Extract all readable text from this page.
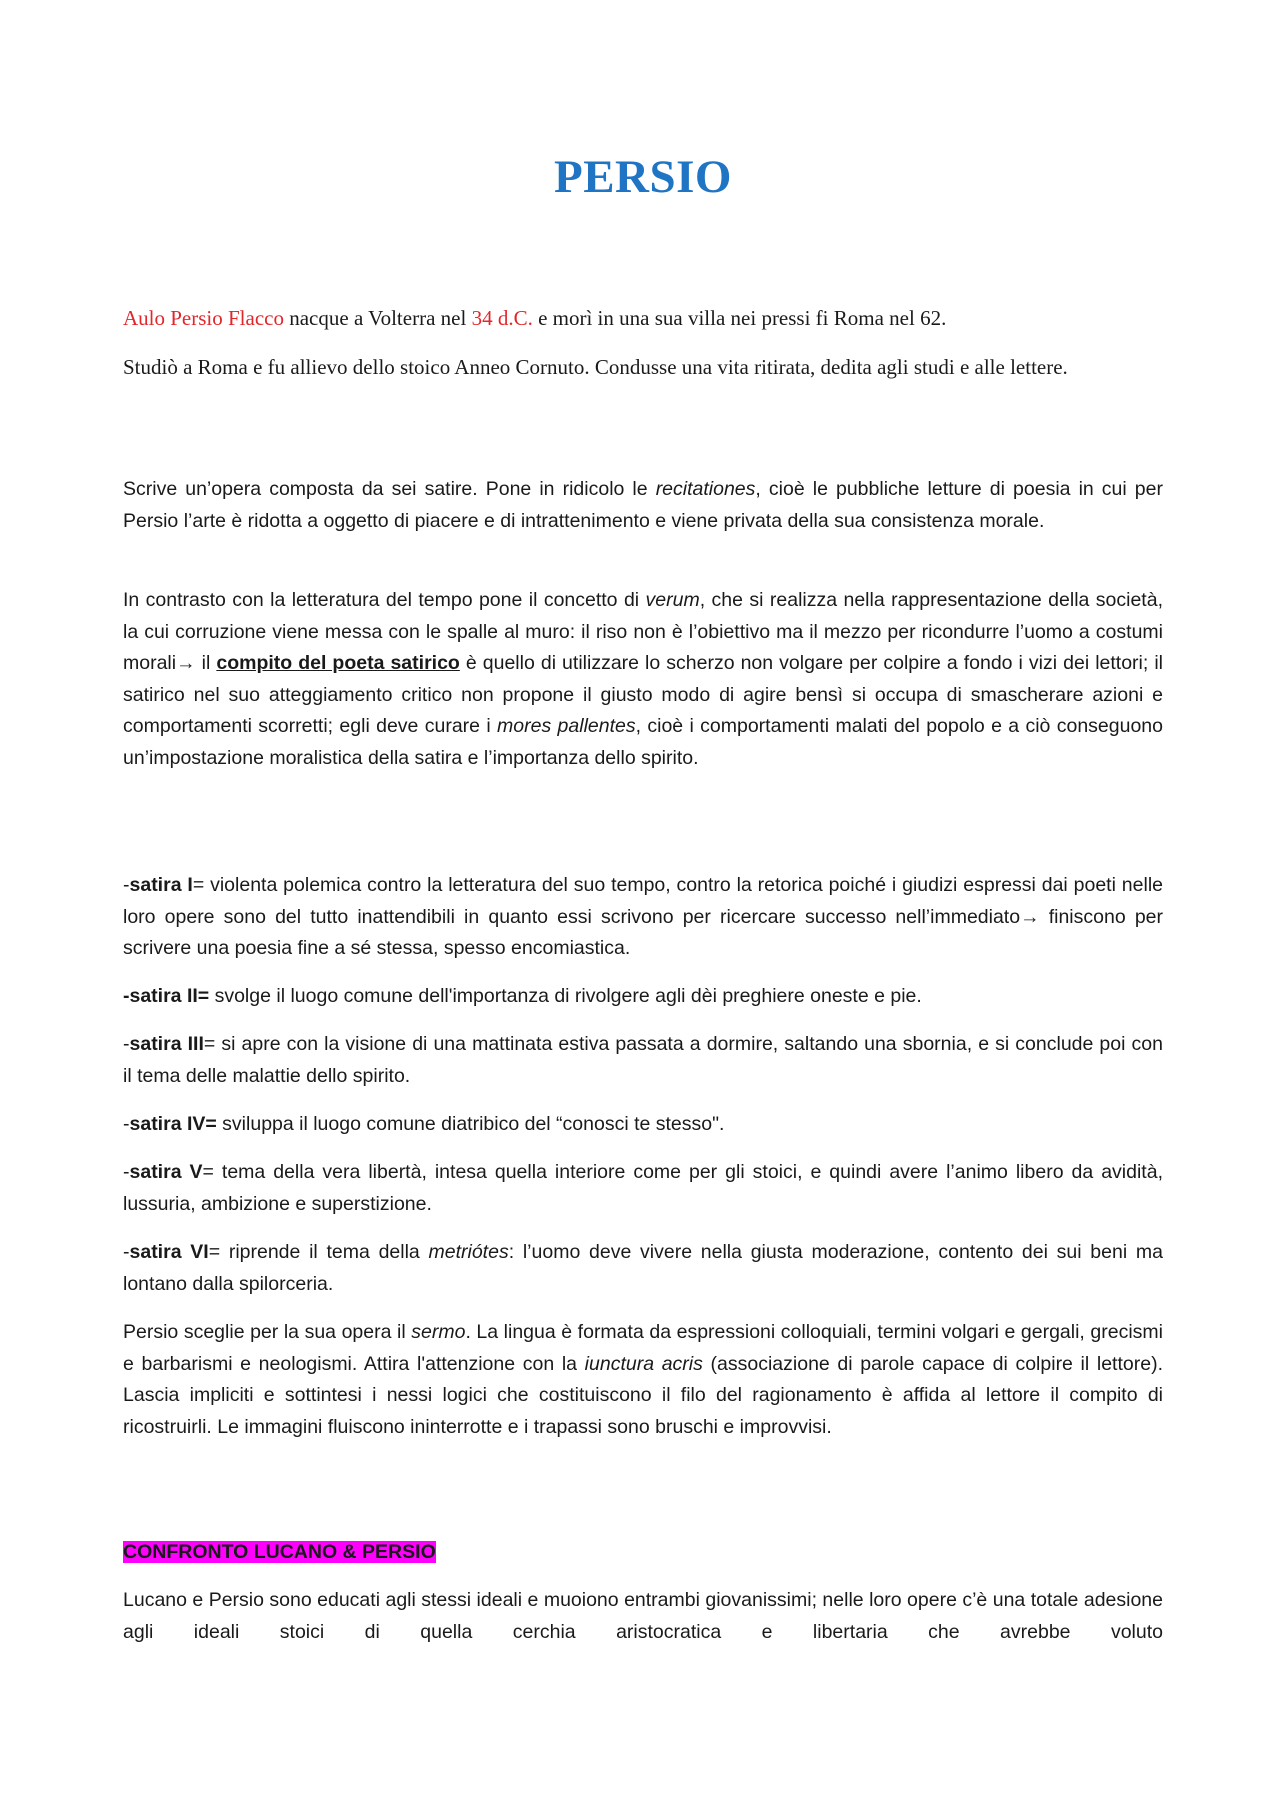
PERSIO

Aulo Persio Flacco nacque a Volterra nel 34 d.C. e morì in una sua villa nei pressi fi Roma nel 62.

Studiò a Roma e fu allievo dello stoico Anneo Cornuto. Condusse una vita ritirata, dedita agli studi e alle lettere.

Scrive un’opera composta da sei satire. Pone in ridicolo le recitationes, cioè le pubbliche letture di poesia in cui per Persio l’arte è ridotta a oggetto di piacere e di intrattenimento e viene privata della sua consistenza morale.

In contrasto con la letteratura del tempo pone il concetto di verum, che si realizza nella rappresentazione della società, la cui corruzione viene messa con le spalle al muro: il riso non è l’obiettivo ma il mezzo per ricondurre l’uomo a costumi morali→ il compito del poeta satirico è quello di utilizzare lo scherzo non volgare per colpire a fondo i vizi dei lettori; il satirico nel suo atteggiamento critico non propone il giusto modo di agire bensì si occupa di smascherare azioni e comportamenti scorretti; egli deve curare i mores pallentes, cioè i comportamenti malati del popolo e a ciò conseguono un’impostazione moralistica della satira e l’importanza dello spirito.

-satira I= violenta polemica contro la letteratura del suo tempo, contro la retorica poiché i giudizi espressi dai poeti nelle loro opere sono del tutto inattendibili in quanto essi scrivono per ricercare successo nell’immediato→ finiscono per scrivere una poesia fine a sé stessa, spesso encomiastica.

-satira II= svolge il luogo comune dell'importanza di rivolgere agli dèi preghiere oneste e pie.

-satira III= si apre con la visione di una mattinata estiva passata a dormire, saltando una sbornia, e si conclude poi con il tema delle malattie dello spirito.

-satira IV= sviluppa il luogo comune diatribico del “conosci te stesso".

-satira V= tema della vera libertà, intesa quella interiore come per gli stoici, e quindi avere l’animo libero da avidità, lussuria, ambizione e superstizione.

-satira VI= riprende il tema della metriótes: l’uomo deve vivere nella giusta moderazione, contento dei sui beni ma lontano dalla spilorceria.

Persio sceglie per la sua opera il sermo. La lingua è formata da espressioni colloquiali, termini volgari e gergali, grecismi e barbarismi e neologismi. Attira l'attenzione con la iunctura acris (associazione di parole capace di colpire il lettore). Lascia impliciti e sottintesi i nessi logici che costituiscono il filo del ragionamento è affida al lettore il compito di ricostruirli. Le immagini fluiscono ininterrotte e i trapassi sono bruschi e improvvisi.

CONFRONTO LUCANO & PERSIO

Lucano e Persio sono educati agli stessi ideali e muoiono entrambi giovanissimi; nelle loro opere c’è una totale adesione agli ideali stoici di quella cerchia aristocratica e libertaria che avrebbe voluto
